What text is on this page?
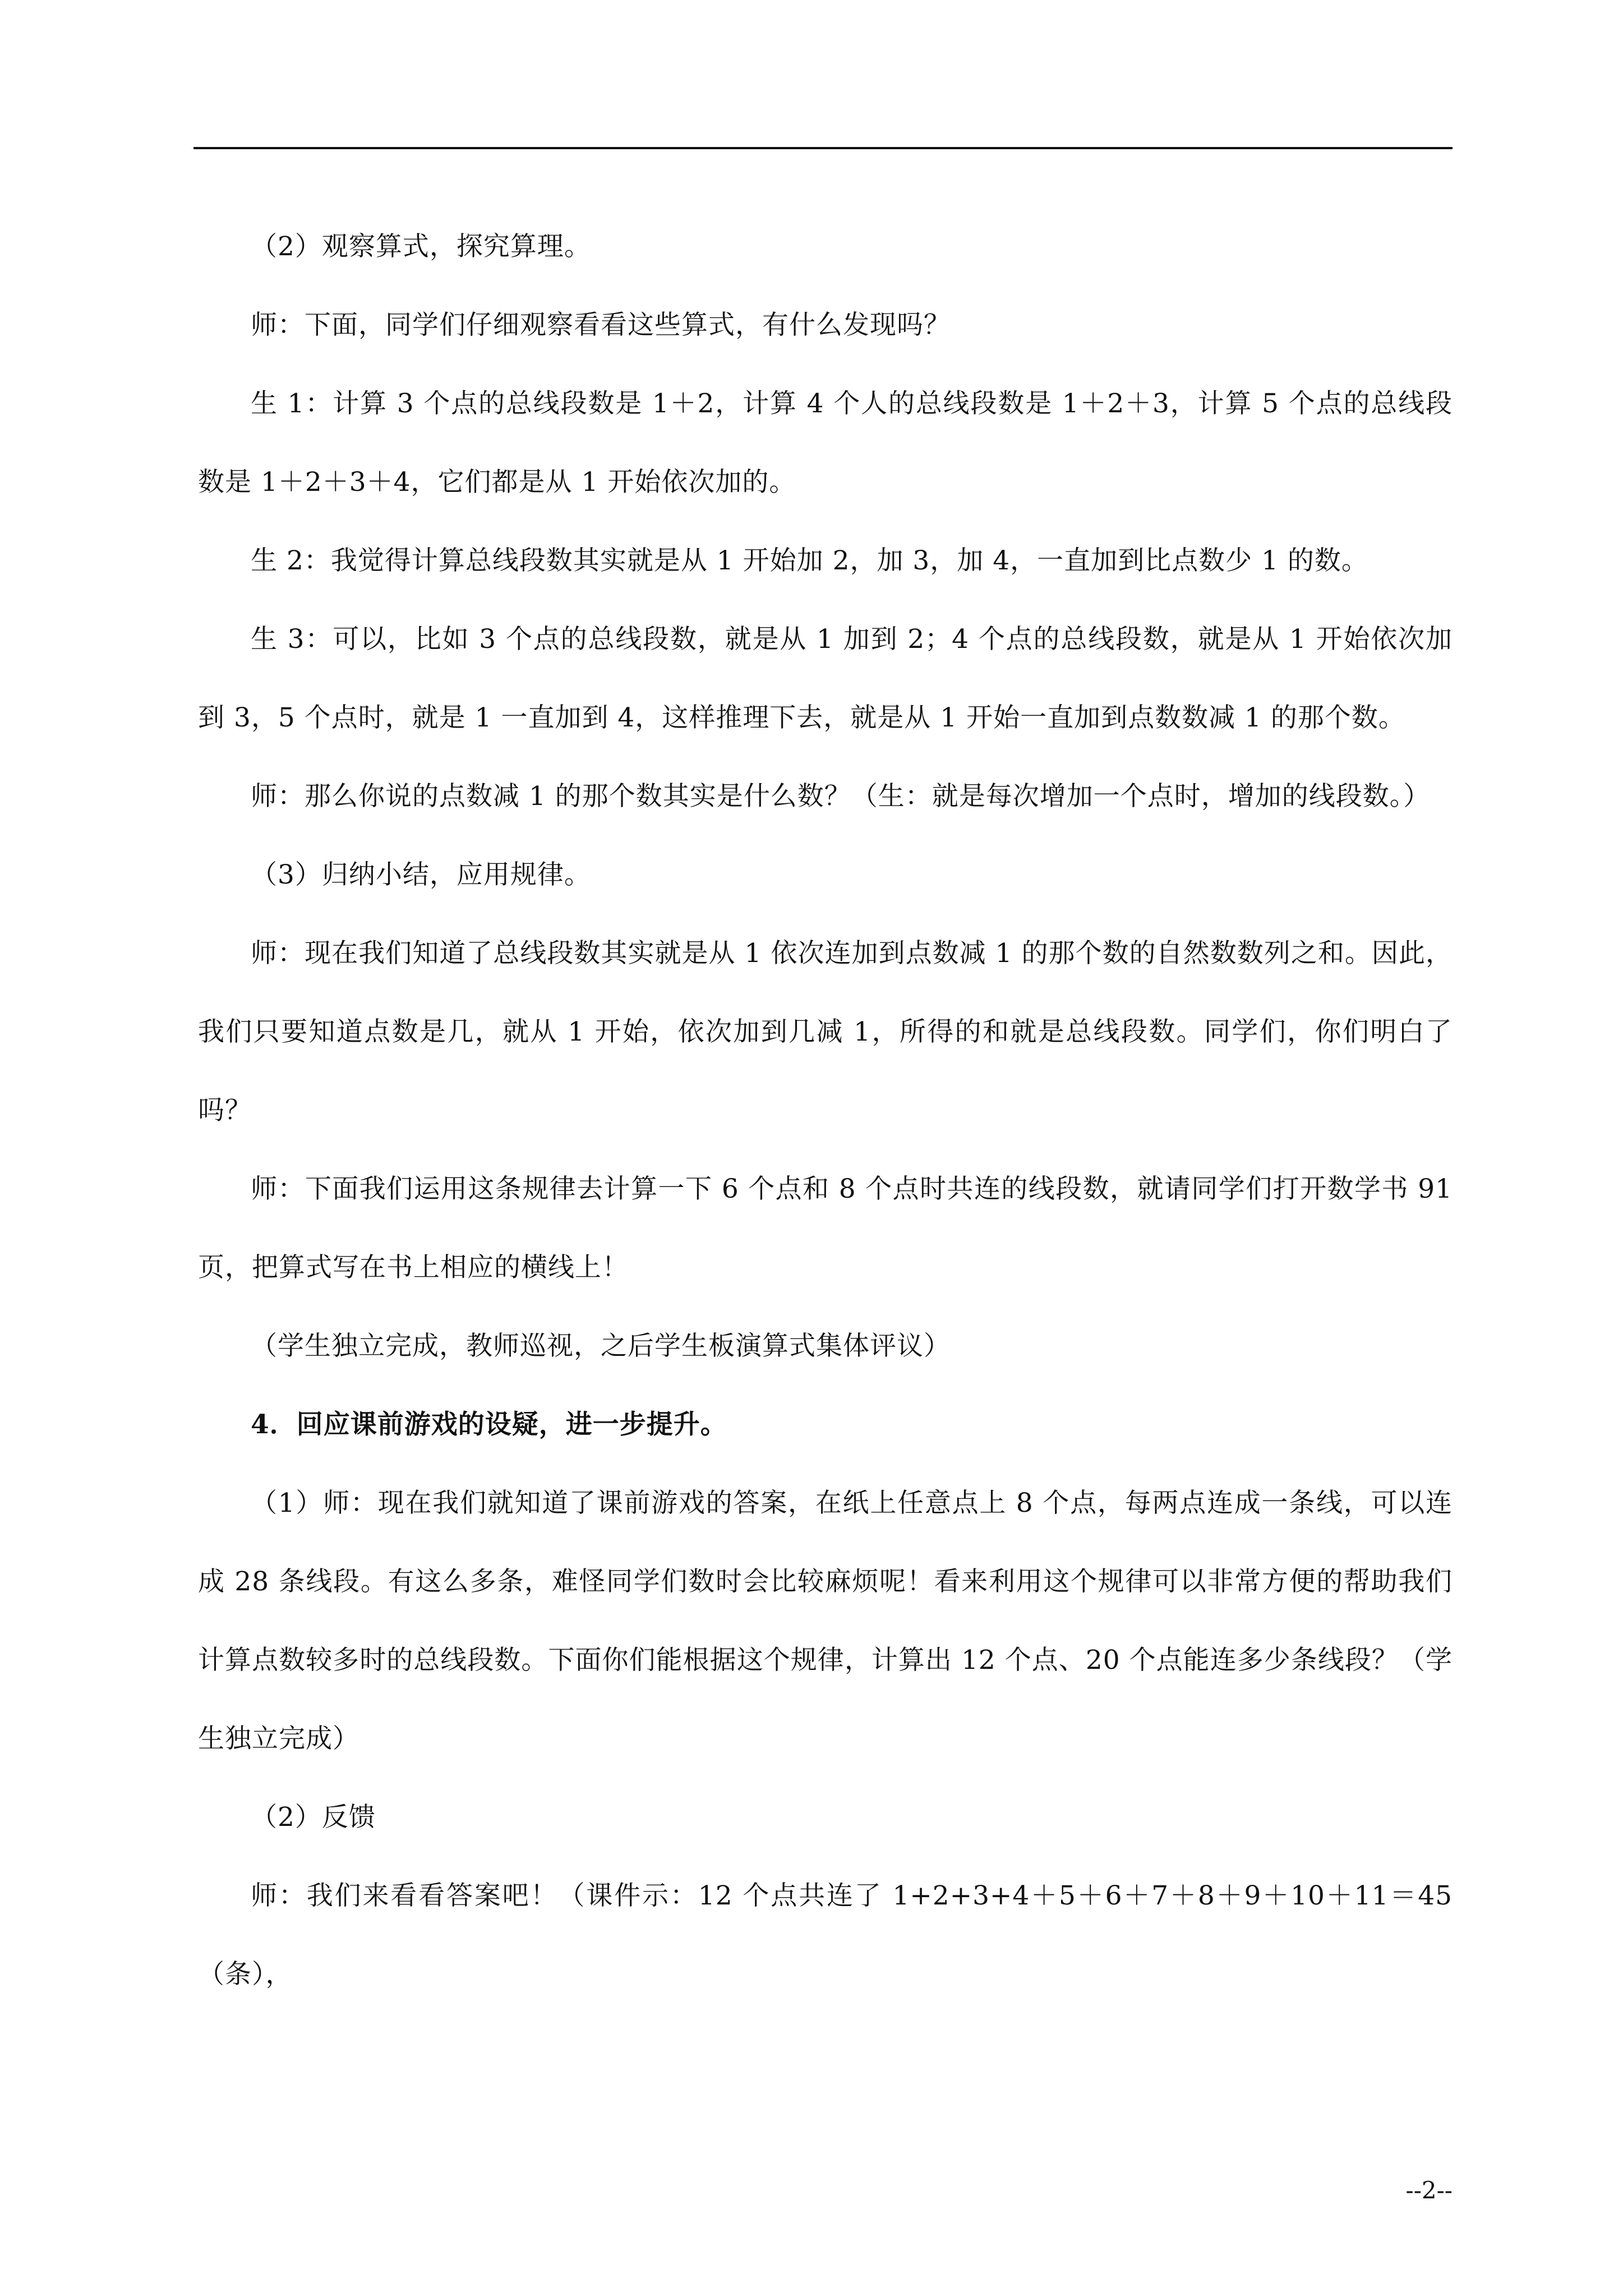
（2）观察算式，探究算理。

师：下面，同学们仔细观察看看这些算式，有什么发现吗？

生 1：计算 3 个点的总线段数是 1＋2，计算 4 个人的总线段数是 1＋2＋3，计算 5 个点的总线段数是 1＋2＋3＋4，它们都是从 1 开始依次加的。

生 2：我觉得计算总线段数其实就是从 1 开始加 2，加 3，加 4，一直加到比点数少 1 的数。

生 3：可以，比如 3 个点的总线段数，就是从 1 加到 2；4 个点的总线段数，就是从 1 开始依次加到 3，5 个点时，就是 1 一直加到 4，这样推理下去，就是从 1 开始一直加到点数数减 1 的那个数。

师：那么你说的点数减 1 的那个数其实是什么数？（生：就是每次增加一个点时，增加的线段数。）

（3）归纳小结，应用规律。

师：现在我们知道了总线段数其实就是从 1 依次连加到点数减 1 的那个数的自然数数列之和。因此，我们只要知道点数是几，就从 1 开始，依次加到几减 1，所得的和就是总线段数。同学们，你们明白了吗？

师：下面我们运用这条规律去计算一下 6 个点和 8 个点时共连的线段数，就请同学们打开数学书 91 页，把算式写在书上相应的横线上！

（学生独立完成，教师巡视，之后学生板演算式集体评议）

4．回应课前游戏的设疑，进一步提升。

（1）师：现在我们就知道了课前游戏的答案，在纸上任意点上 8 个点，每两点连成一条线，可以连成 28 条线段。有这么多条，难怪同学们数时会比较麻烦呢！看来利用这个规律可以非常方便的帮助我们计算点数较多时的总线段数。下面你们能根据这个规律，计算出 12 个点、20 个点能连多少条线段？（学生独立完成）

（2）反馈

师：我们来看看答案吧！（课件示：12 个点共连了 1+2+3+4＋5＋6＋7＋8＋9＋10＋11＝45（条），

--2--
